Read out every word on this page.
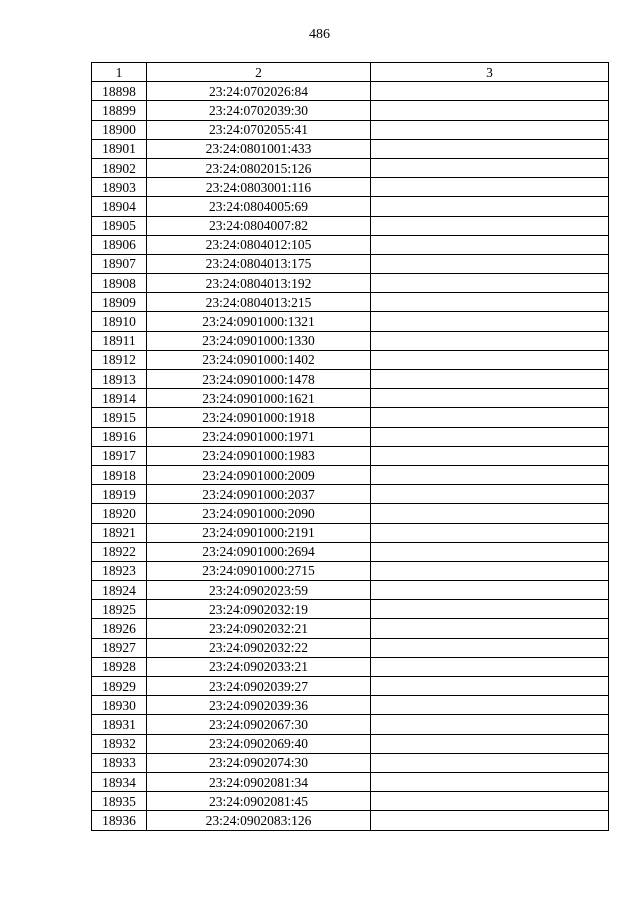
486
1	2	3
18898	23:24:0702026:84	
18899	23:24:0702039:30	
18900	23:24:0702055:41	
18901	23:24:0801001:433	
18902	23:24:0802015:126	
18903	23:24:0803001:116	
18904	23:24:0804005:69	
18905	23:24:0804007:82	
18906	23:24:0804012:105	
18907	23:24:0804013:175	
18908	23:24:0804013:192	
18909	23:24:0804013:215	
18910	23:24:0901000:1321	
18911	23:24:0901000:1330	
18912	23:24:0901000:1402	
18913	23:24:0901000:1478	
18914	23:24:0901000:1621	
18915	23:24:0901000:1918	
18916	23:24:0901000:1971	
18917	23:24:0901000:1983	
18918	23:24:0901000:2009	
18919	23:24:0901000:2037	
18920	23:24:0901000:2090	
18921	23:24:0901000:2191	
18922	23:24:0901000:2694	
18923	23:24:0901000:2715	
18924	23:24:0902023:59	
18925	23:24:0902032:19	
18926	23:24:0902032:21	
18927	23:24:0902032:22	
18928	23:24:0902033:21	
18929	23:24:0902039:27	
18930	23:24:0902039:36	
18931	23:24:0902067:30	
18932	23:24:0902069:40	
18933	23:24:0902074:30	
18934	23:24:0902081:34	
18935	23:24:0902081:45	
18936	23:24:0902083:126	
